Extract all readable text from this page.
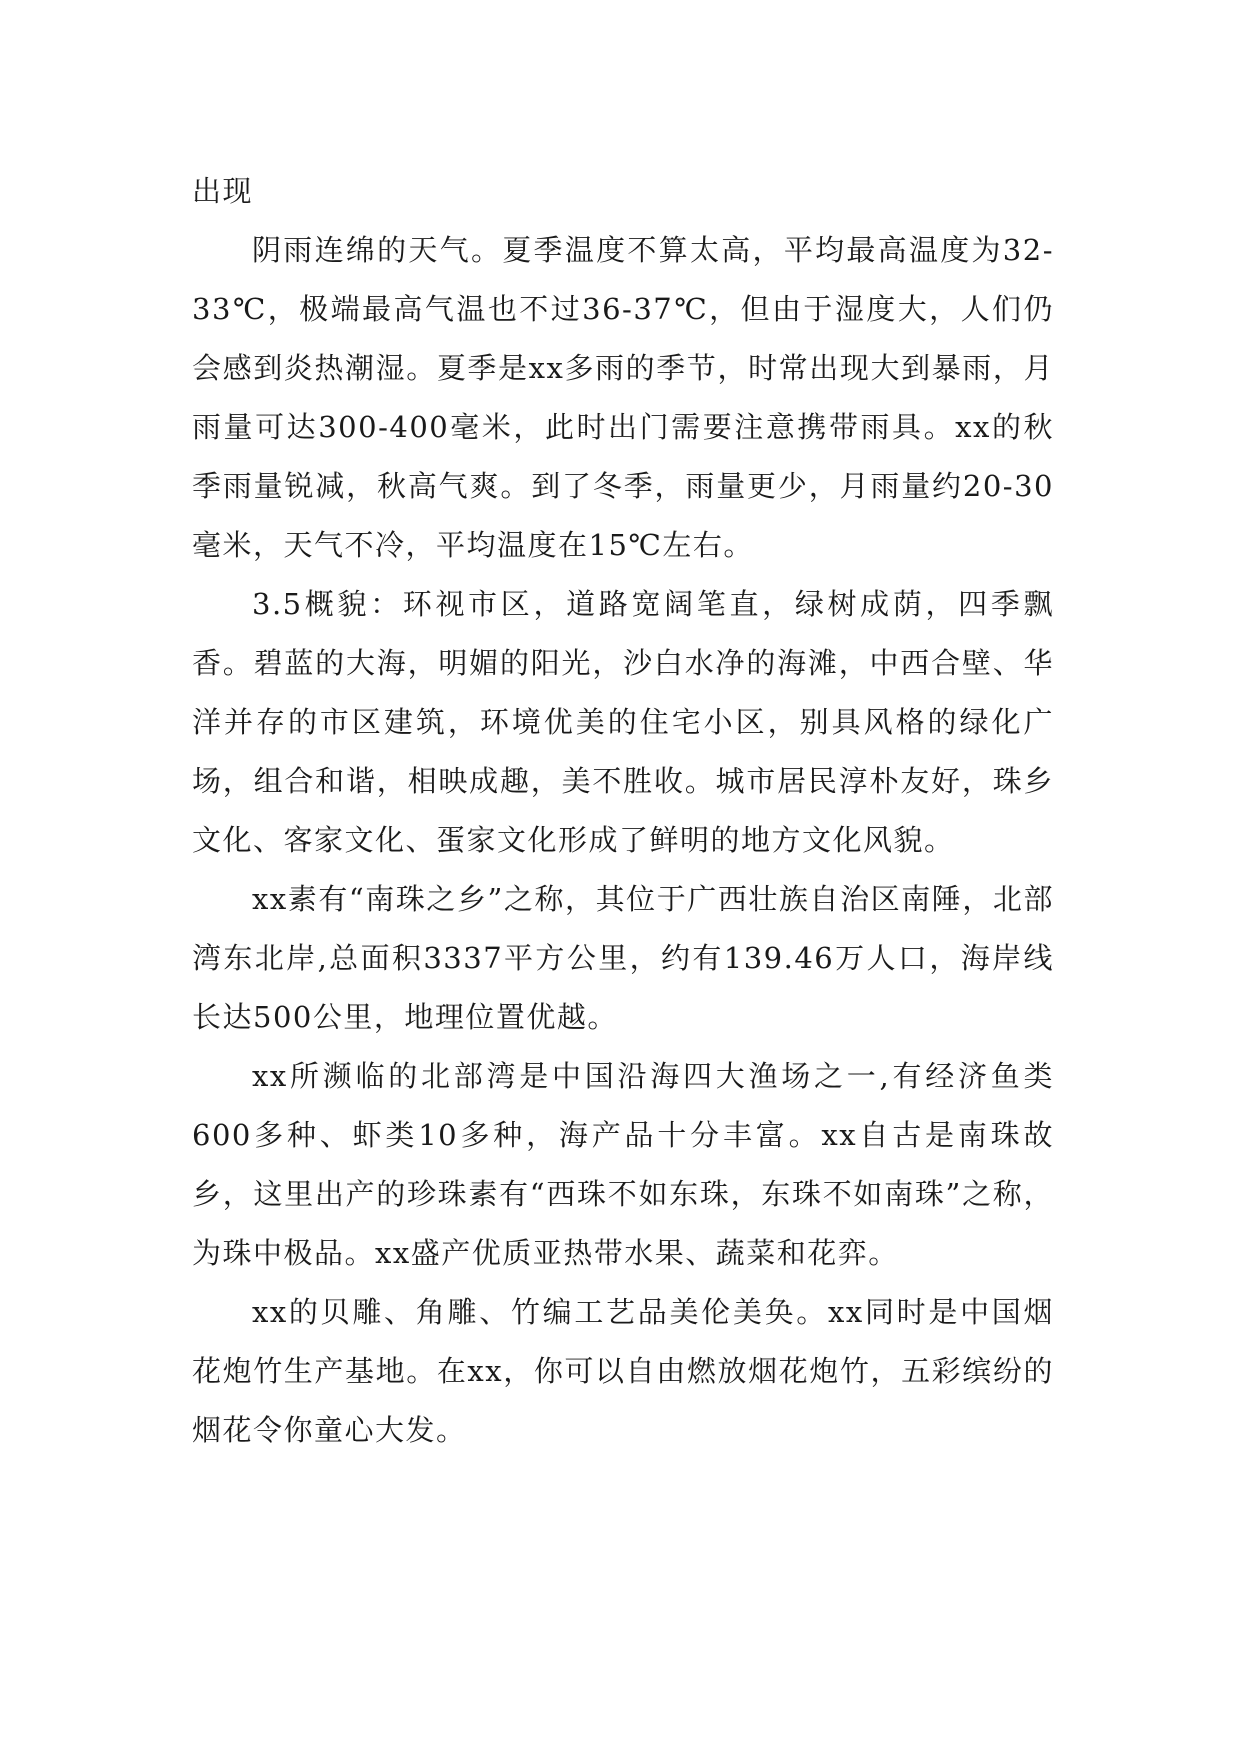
出现

阴雨连绵的天气。夏季温度不算太高，平均最高温度为32-33℃，极端最高气温也不过36-37℃，但由于湿度大，人们仍会感到炎热潮湿。夏季是xx多雨的季节，时常出现大到暴雨，月雨量可达300-400毫米，此时出门需要注意携带雨具。xx的秋季雨量锐减，秋高气爽。到了冬季，雨量更少，月雨量约20-30毫米，天气不冷，平均温度在15℃左右。

3.5概貌：环视市区，道路宽阔笔直，绿树成荫，四季飘香。碧蓝的大海，明媚的阳光，沙白水净的海滩，中西合壁、华洋并存的市区建筑，环境优美的住宅小区，别具风格的绿化广场，组合和谐，相映成趣，美不胜收。城市居民淳朴友好，珠乡文化、客家文化、蛋家文化形成了鲜明的地方文化风貌。

xx素有“南珠之乡”之称，其位于广西壮族自治区南陲，北部湾东北岸,总面积3337平方公里，约有139.46万人口，海岸线长达500公里，地理位置优越。

xx所濒临的北部湾是中国沿海四大渔场之一,有经济鱼类600多种、虾类10多种，海产品十分丰富。xx自古是南珠故乡，这里出产的珍珠素有“西珠不如东珠，东珠不如南珠”之称，为珠中极品。xx盛产优质亚热带水果、蔬菜和花弈。

xx的贝雕、角雕、竹编工艺品美伦美奂。xx同时是中国烟花炮竹生产基地。在xx，你可以自由燃放烟花炮竹，五彩缤纷的烟花令你童心大发。
